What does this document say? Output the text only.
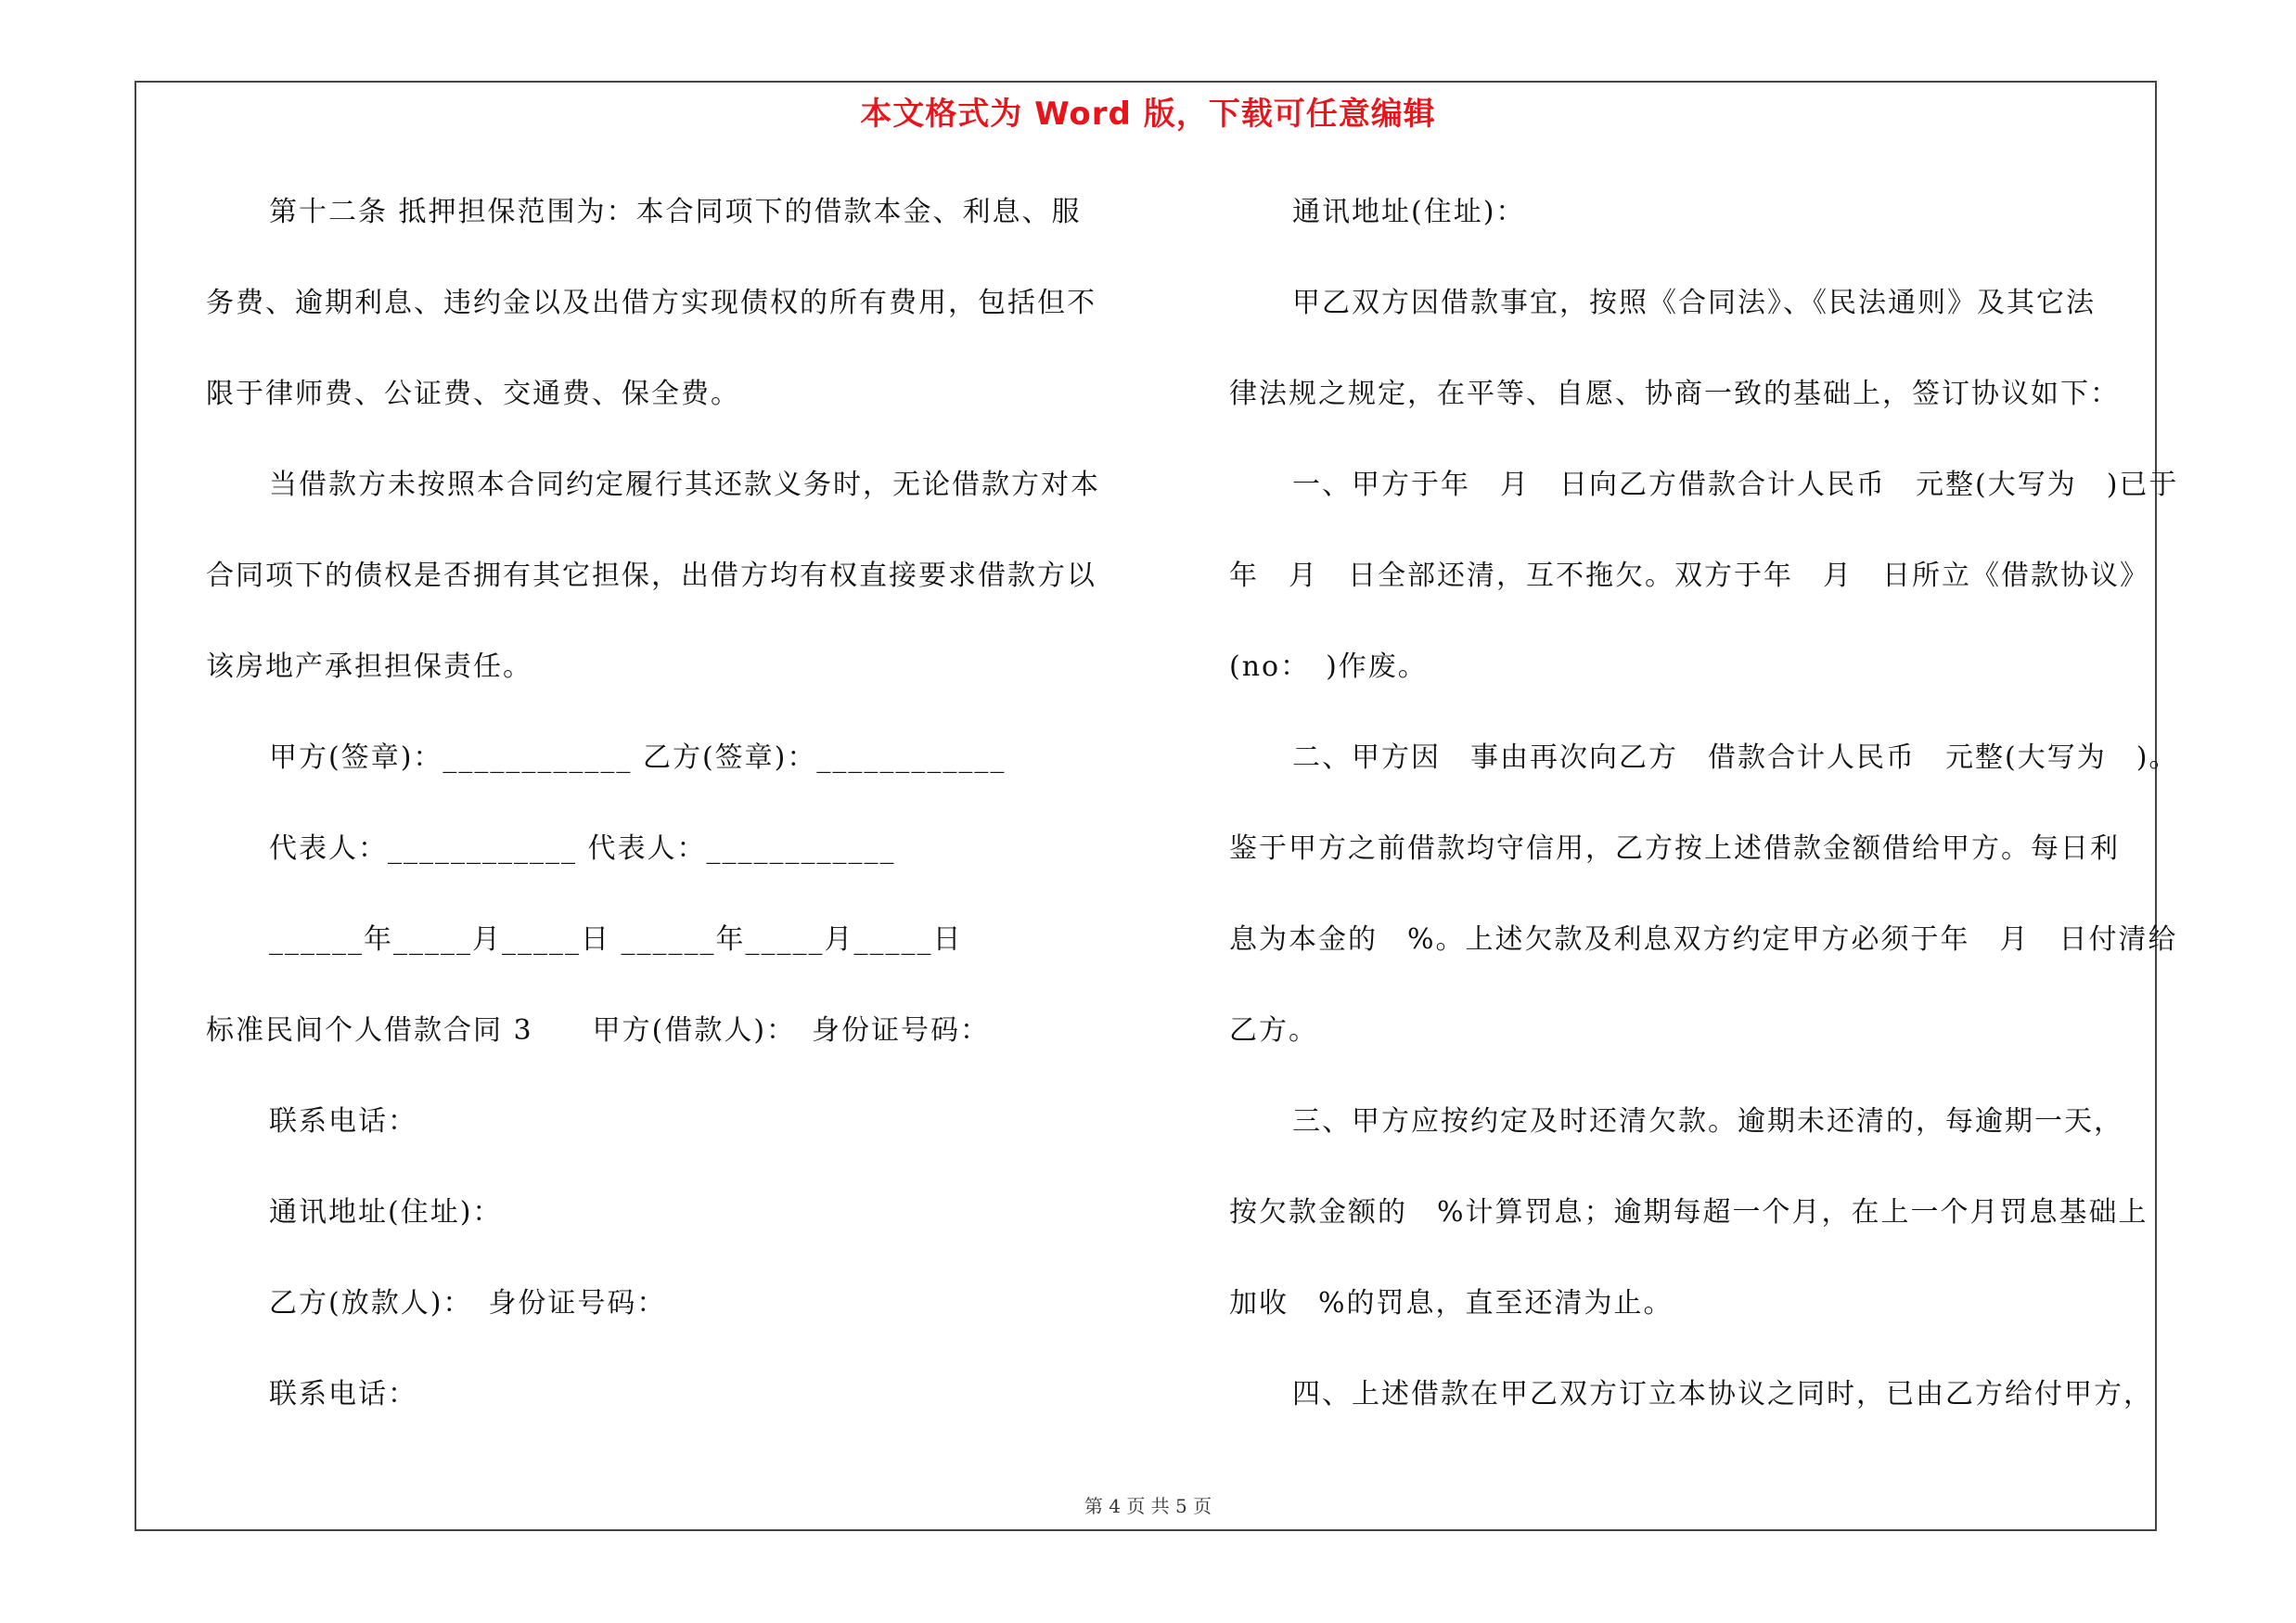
本文格式为 Word 版，下载可任意编辑
第十二条 抵押担保范围为：本合同项下的借款本金、利息、服
务费、逾期利息、违约金以及出借方实现债权的所有费用，包括但不
限于律师费、公证费、交通费、保全费。
当借款方未按照本合同约定履行其还款义务时，无论借款方对本
合同项下的债权是否拥有其它担保，出借方均有权直接要求借款方以
该房地产承担担保责任。
甲方(签章)：____________ 乙方(签章)：____________
代表人：____________ 代表人：____________
______年_____月_____日 ______年_____月_____日
标准民间个人借款合同 3　　甲方(借款人)：　身份证号码：
联系电话：
通讯地址(住址)：
乙方(放款人)：　身份证号码：
联系电话：
通讯地址(住址)：
甲乙双方因借款事宜，按照《合同法》、《民法通则》及其它法
律法规之规定，在平等、自愿、协商一致的基础上，签订协议如下：
一、甲方于年　月　日向乙方借款合计人民币　元整(大写为　)已于
年　月　日全部还清，互不拖欠。双方于年　月　日所立《借款协议》
(no：　)作废。
二、甲方因　事由再次向乙方　借款合计人民币　元整(大写为　)。
鉴于甲方之前借款均守信用，乙方按上述借款金额借给甲方。每日利
息为本金的　%。上述欠款及利息双方约定甲方必须于年　月　日付清给
乙方。
三、甲方应按约定及时还清欠款。逾期未还清的，每逾期一天，
按欠款金额的　%计算罚息；逾期每超一个月，在上一个月罚息基础上
加收　%的罚息，直至还清为止。
四、上述借款在甲乙双方订立本协议之同时，已由乙方给付甲方，
第 4 页 共 5 页
